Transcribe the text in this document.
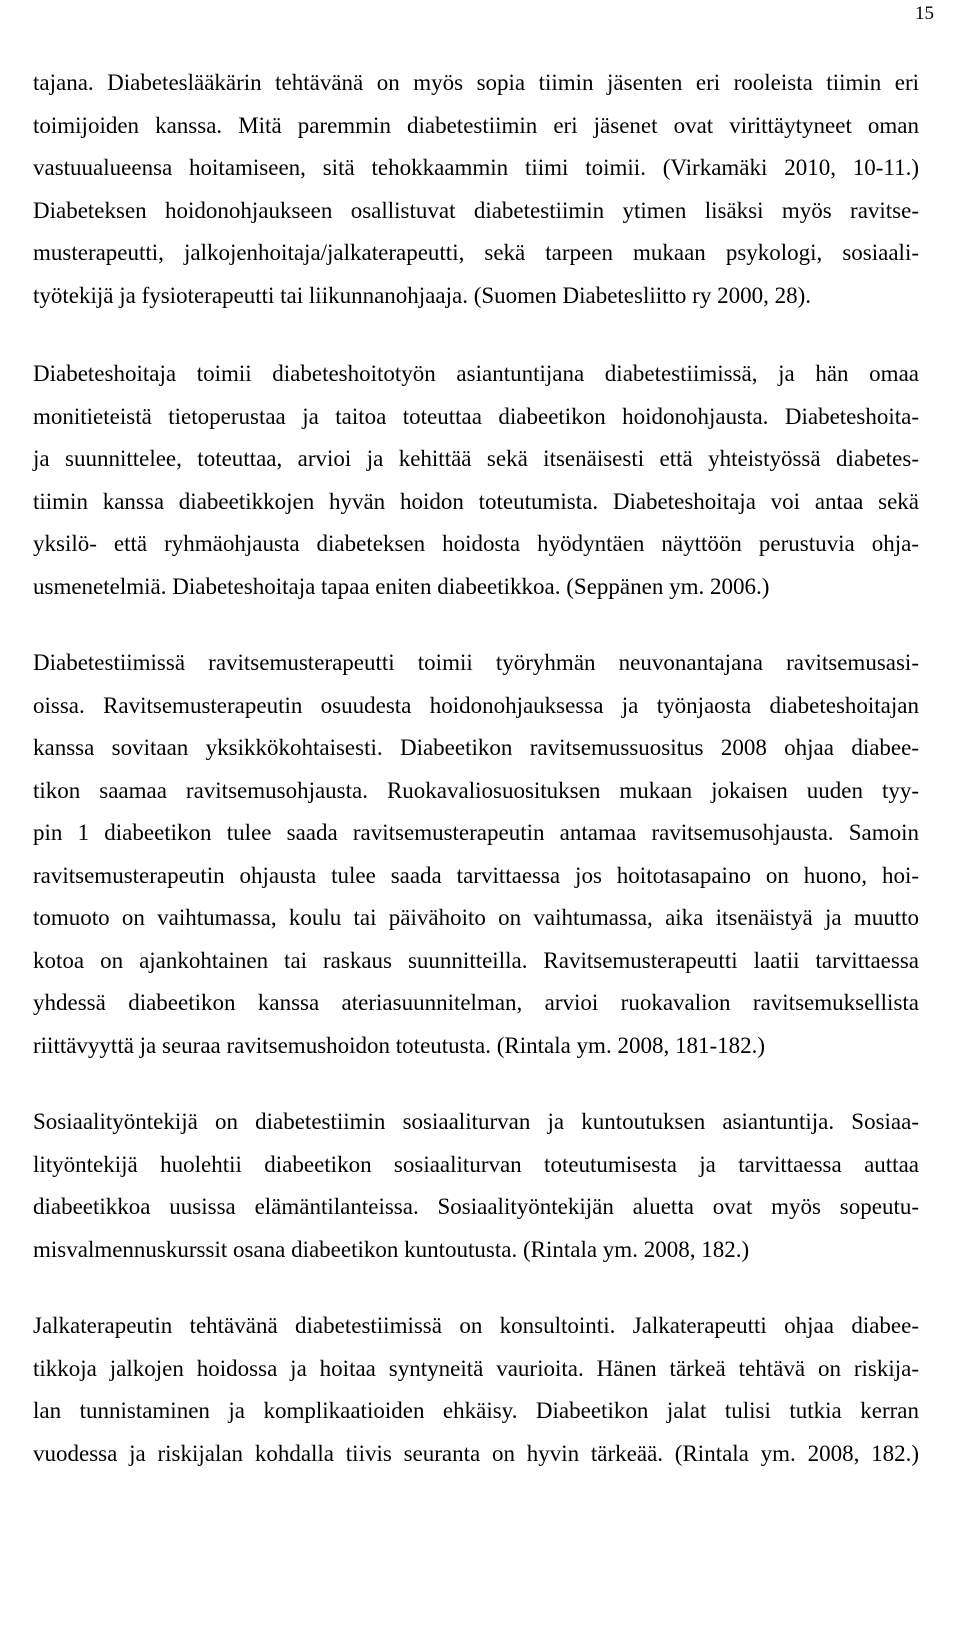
15

tajana. Diabeteslääkärin tehtävänä on myös sopia tiimin jäsenten eri rooleista tiimin eri
toimijoiden kanssa. Mitä paremmin diabetestiimin eri jäsenet ovat virittäytyneet oman
vastuualueensa hoitamiseen, sitä tehokkaammin tiimi toimii. (Virkamäki 2010, 10-11.)
Diabeteksen hoidonohjaukseen osallistuvat diabetestiimin ytimen lisäksi myös ravitse-
musterapeutti, jalkojenhoitaja/jalkaterapeutti, sekä tarpeen mukaan psykologi, sosiaali-
työtekijä ja fysioterapeutti tai liikunnanohjaaja. (Suomen Diabetesliitto ry 2000, 28).

Diabeteshoitaja toimii diabeteshoitotyön asiantuntijana diabetestiimissä, ja hän omaa
monitieteistä tietoperustaa ja taitoa toteuttaa diabeetikon hoidonohjausta. Diabeteshoita-
ja suunnittelee, toteuttaa, arvioi ja kehittää sekä itsenäisesti että yhteistyössä diabetes-
tiimin kanssa diabeetikkojen hyvän hoidon toteutumista. Diabeteshoitaja voi antaa sekä
yksilö- että ryhmäohjausta diabeteksen hoidosta hyödyntäen näyttöön perustuvia ohja-
usmenetelmiä. Diabeteshoitaja tapaa eniten diabeetikkoa. (Seppänen ym. 2006.)

Diabetestiimissä ravitsemusterapeutti toimii työryhmän neuvonantajana ravitsemusasi-
oissa. Ravitsemusterapeutin osuudesta hoidonohjauksessa ja työnjaosta diabeteshoitajan
kanssa sovitaan yksikkökohtaisesti. Diabeetikon ravitsemussuositus 2008 ohjaa diabee-
tikon saamaa ravitsemusohjausta. Ruokavaliosuosituksen mukaan jokaisen uuden tyy-
pin 1 diabeetikon tulee saada ravitsemusterapeutin antamaa ravitsemusohjausta. Samoin
ravitsemusterapeutin ohjausta tulee saada tarvittaessa jos hoitotasapaino on huono, hoi-
tomuoto on vaihtumassa, koulu tai päivähoito on vaihtumassa, aika itsenäistyä ja muutto
kotoa on ajankohtainen tai raskaus suunnitteilla. Ravitsemusterapeutti laatii tarvittaessa
yhdessä diabeetikon kanssa ateriasuunnitelman, arvioi ruokavalion ravitsemuksellista
riittävyyttä ja seuraa ravitsemushoidon toteutusta. (Rintala ym. 2008, 181-182.)

Sosiaalityöntekijä on diabetestiimin sosiaaliturvan ja kuntoutuksen asiantuntija. Sosiaa-
lityöntekijä huolehtii diabeetikon sosiaaliturvan toteutumisesta ja tarvittaessa auttaa
diabeetikkoa uusissa elämäntilanteissa. Sosiaalityöntekijän aluetta ovat myös sopeutu-
misvalmennuskurssit osana diabeetikon kuntoutusta. (Rintala ym. 2008, 182.)

Jalkaterapeutin tehtävänä diabetestiimissä on konsultointi. Jalkaterapeutti ohjaa diabee-
tikkoja jalkojen hoidossa ja hoitaa syntyneitä vaurioita. Hänen tärkeä tehtävä on riskija-
lan tunnistaminen ja komplikaatioiden ehkäisy. Diabeetikon jalat tulisi tutkia kerran
vuodessa ja riskijalan kohdalla tiivis seuranta on hyvin tärkeää. (Rintala ym. 2008, 182.)
